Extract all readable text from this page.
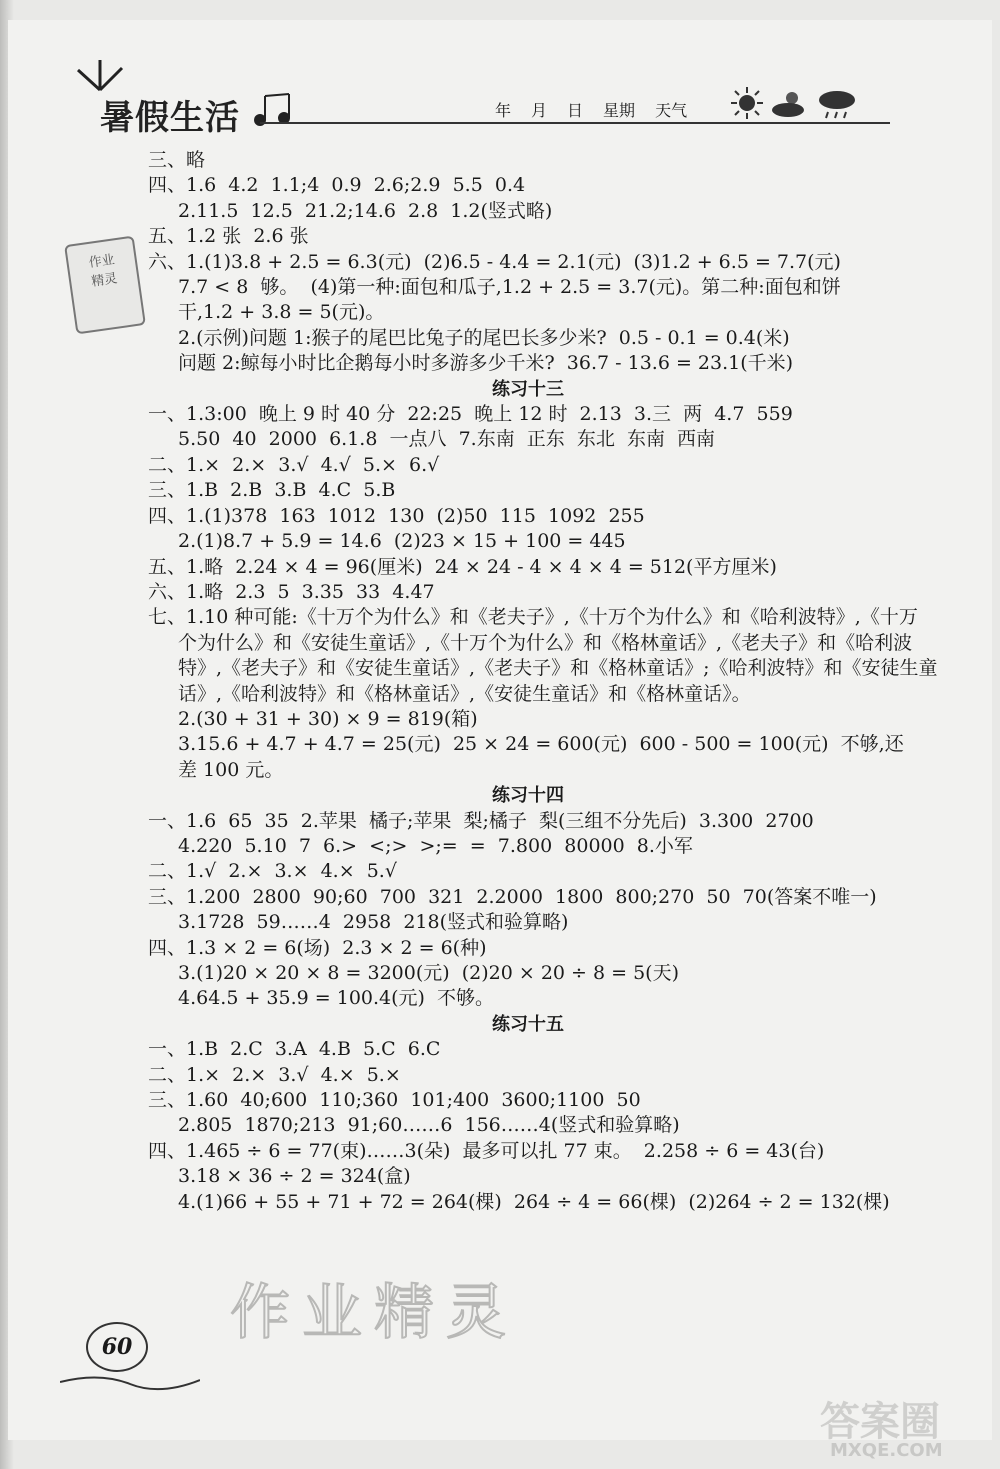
暑假生活	年 月 日 星期 天气
作业
精灵
三、略
四、1.6  4.2  1.1;4  0.9  2.6;2.9  5.5  0.4
2.11.5  12.5  21.2;14.6  2.8  1.2(竖式略)
五、1.2 张  2.6 张
六、1.(1)3.8 + 2.5 = 6.3(元)  (2)6.5 - 4.4 = 2.1(元)  (3)1.2 + 6.5 = 7.7(元)
7.7 < 8  够。  (4)第一种:面包和瓜子,1.2 + 2.5 = 3.7(元)。第二种:面包和饼
干,1.2 + 3.8 = 5(元)。
2.(示例)问题 1:猴子的尾巴比兔子的尾巴长多少米?  0.5 - 0.1 = 0.4(米)
问题 2:鲸每小时比企鹅每小时多游多少千米?  36.7 - 13.6 = 23.1(千米)
练习十三
一、1.3:00  晚上 9 时 40 分  22:25  晚上 12 时  2.13  3.三  两  4.7  559
5.50  40  2000  6.1.8  一点八  7.东南  正东  东北  东南  西南
二、1.×  2.×  3.√  4.√  5.×  6.√
三、1.B  2.B  3.B  4.C  5.B
四、1.(1)378  163  1012  130  (2)50  115  1092  255
2.(1)8.7 + 5.9 = 14.6  (2)23 × 15 + 100 = 445
五、1.略  2.24 × 4 = 96(厘米)  24 × 24 - 4 × 4 × 4 = 512(平方厘米)
六、1.略  2.3  5  3.35  33  4.47
七、1.10 种可能:《十万个为什么》和《老夫子》,《十万个为什么》和《哈利波特》,《十万
个为什么》和《安徒生童话》,《十万个为什么》和《格林童话》,《老夫子》和《哈利波
特》,《老夫子》和《安徒生童话》,《老夫子》和《格林童话》;《哈利波特》和《安徒生童
话》,《哈利波特》和《格林童话》,《安徒生童话》和《格林童话》。
2.(30 + 31 + 30) × 9 = 819(箱)
3.15.6 + 4.7 + 4.7 = 25(元)  25 × 24 = 600(元)  600 - 500 = 100(元)  不够,还
差 100 元。
练习十四
一、1.6  65  35  2.苹果  橘子;苹果  梨;橘子  梨(三组不分先后)  3.300  2700
4.220  5.10  7  6.>  <;>  >;=  =  7.800  80000  8.小军
二、1.√  2.×  3.×  4.×  5.√
三、1.200  2800  90;60  700  321  2.2000  1800  800;270  50  70(答案不唯一)
3.1728  59……4  2958  218(竖式和验算略)
四、1.3 × 2 = 6(场)  2.3 × 2 = 6(种)
3.(1)20 × 20 × 8 = 3200(元)  (2)20 × 20 ÷ 8 = 5(天)
4.64.5 + 35.9 = 100.4(元)  不够。
练习十五
一、1.B  2.C  3.A  4.B  5.C  6.C
二、1.×  2.×  3.√  4.×  5.×
三、1.60  40;600  110;360  101;400  3600;1100  50
2.805  1870;213  91;60……6  156……4(竖式和验算略)
四、1.465 ÷ 6 = 77(束)……3(朵)  最多可以扎 77 束。  2.258 ÷ 6 = 43(台)
3.18 × 36 ÷ 2 = 324(盒)
4.(1)66 + 55 + 71 + 72 = 264(棵)  264 ÷ 4 = 66(棵)  (2)264 ÷ 2 = 132(棵)
作业精灵
60
答案圈
MXQE.COM
